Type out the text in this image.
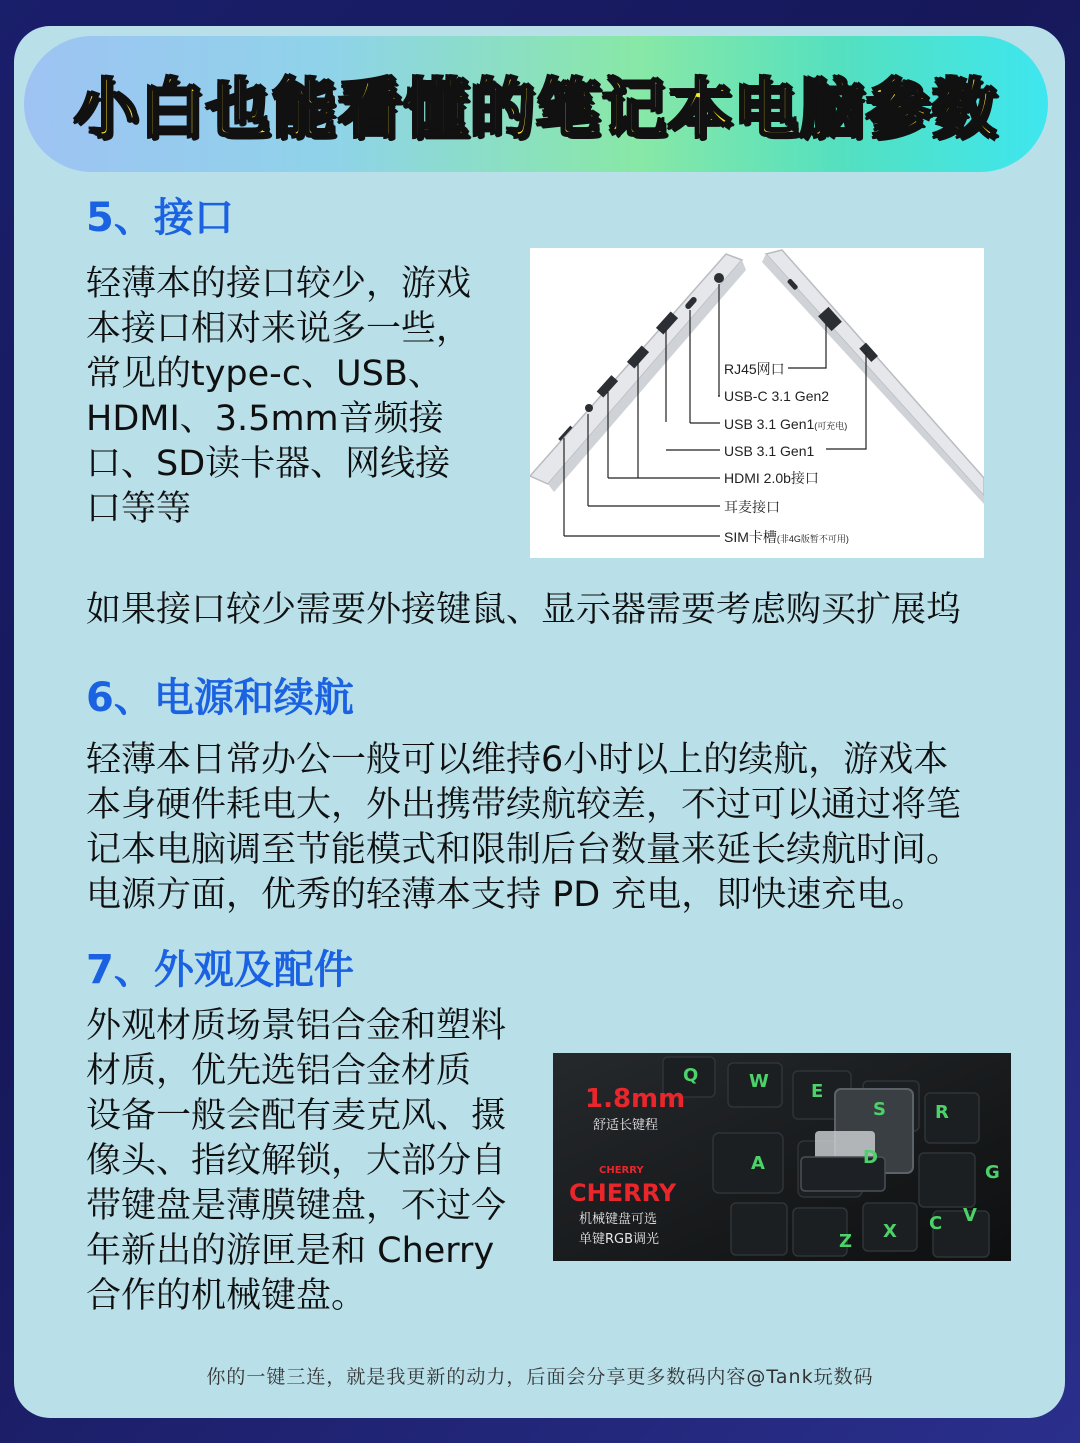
小白也能看懂的笔记本电脑参数
5、接口
轻薄本的接口较少，游戏
本接口相对来说多一些，
常见的type-c、USB、
HDMI、3.5mm音频接
口、SD读卡器、网线接
口等等
RJ45网口
USB-C 3.1 Gen2
USB 3.1 Gen1(可充电)
USB 3.1 Gen1
HDMI 2.0b接口
耳麦接口
SIM卡槽(非4G版暂不可用)
如果接口较少需要外接键鼠、显示器需要考虑购买扩展坞
6、电源和续航
轻薄本日常办公一般可以维持6小时以上的续航，游戏本
本身硬件耗电大，外出携带续航较差，不过可以通过将笔
记本电脑调至节能模式和限制后台数量来延长续航时间。
电源方面，优秀的轻薄本支持 PD 充电，即快速充电。
7、外观及配件
外观材质场景铝合金和塑料
材质，优先选铝合金材质
设备一般会配有麦克风、摄
像头、指纹解锁，大部分自
带键盘是薄膜键盘，不过今
年新出的游匣是和 Cherry
合作的机械键盘。
Q	W E
R
S
A	D
Z X C V
G
1.8mm
舒适长键程
CHERRY
CHERRY
机械键盘可选
单键RGB调光
你的一键三连，就是我更新的动力，后面会分享更多数码内容@Tank玩数码
